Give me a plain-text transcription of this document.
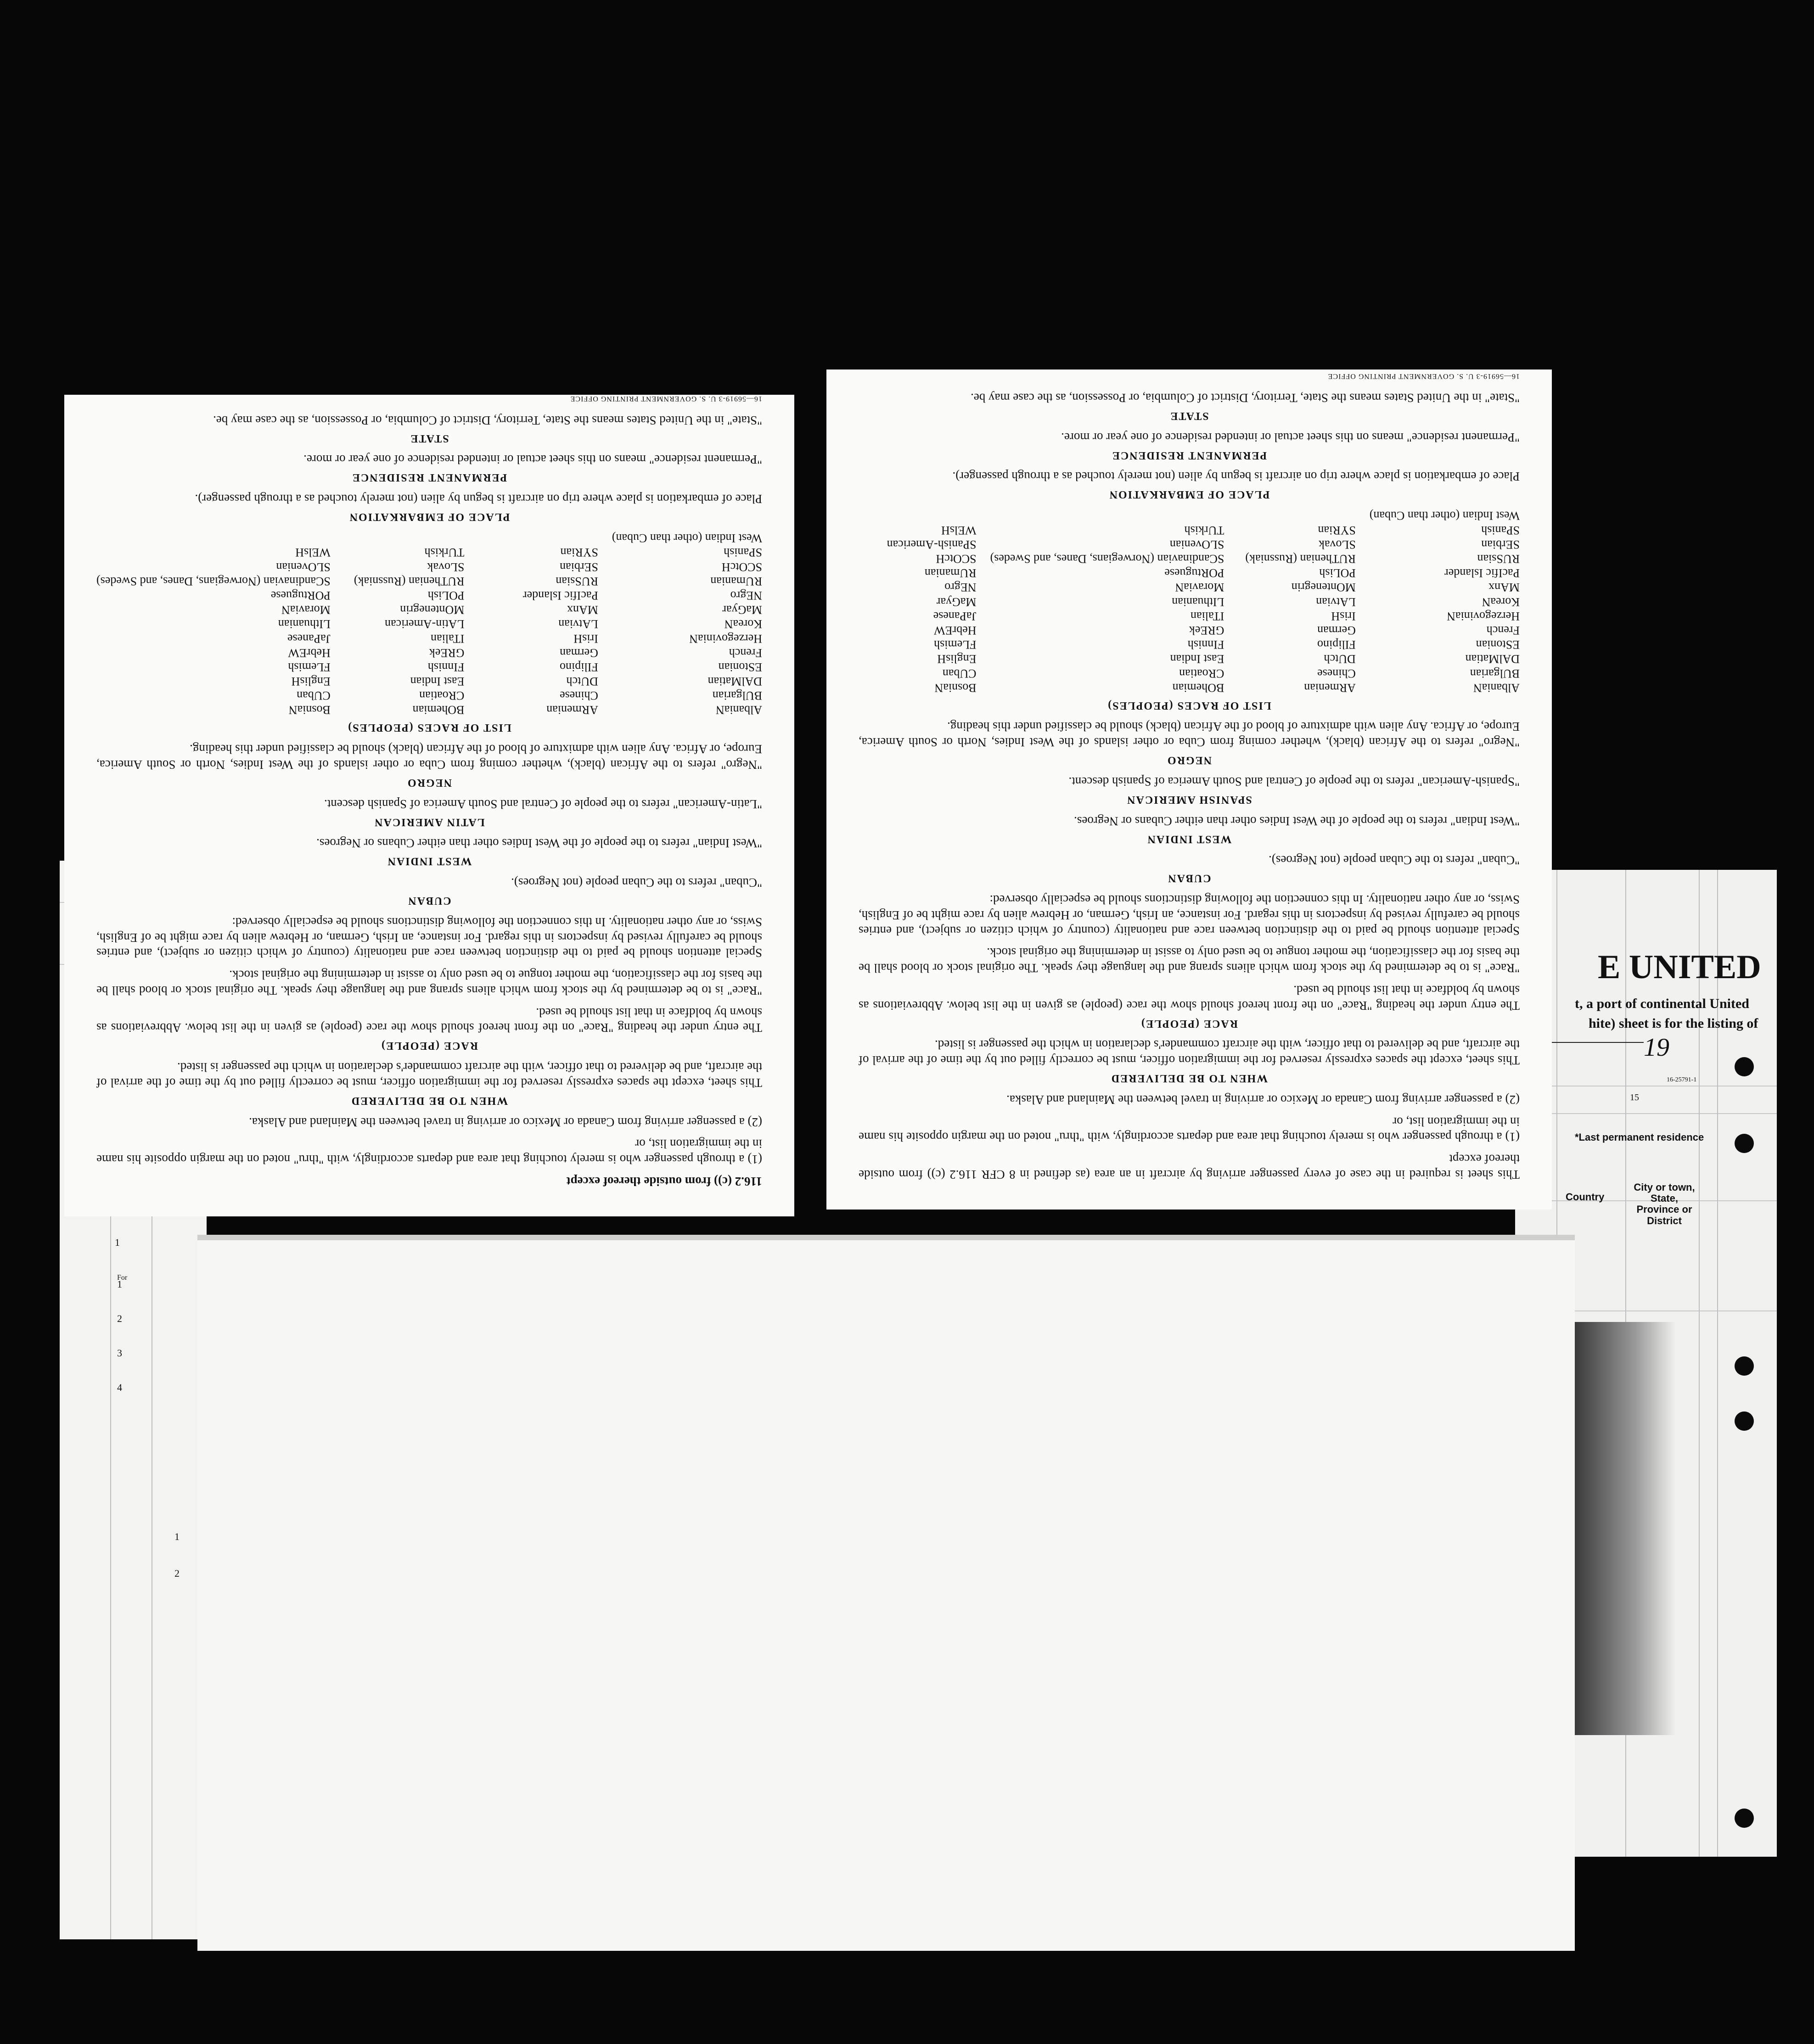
E UNITED
t, a port of continental United
hite) sheet is for the listing of
19
16-25791-1
15
*Last permanent residence
Country
City or town, State, Province or District
For
1
1
2
3
4
1
2

116.2 (c)) from outside thereof except

(1) a through passenger who is merely touching that area and departs accordingly, with "thru" noted on the margin opposite his name in the immigration list, or

(2) a passenger arriving from Canada or Mexico or arriving in travel between the Mainland and Alaska.

WHEN TO BE DELIVERED

This sheet, except the spaces expressly reserved for the immigration officer, must be correctly filled out by the time of the arrival of the aircraft, and be delivered to that officer, with the aircraft commander's declaration in which the passenger is listed.

RACE (PEOPLE)

The entry under the heading "Race" on the front hereof should show the race (people) as given in the list below. Abbreviations as shown by boldface in that list should be used.

"Race" is to be determined by the stock from which aliens sprang and the language they speak. The original stock or blood shall be the basis for the classification, the mother tongue to be used only to assist in determining the original stock.

Special attention should be paid to the distinction between race and nationality (country of which citizen or subject), and entries should be carefully revised by inspectors in this regard. For instance, an Irish, German, or Hebrew alien by race might be of English, Swiss, or any other nationality. In this connection the following distinctions should be especially observed:

CUBAN

"Cuban" refers to the Cuban people (not Negroes).

WEST INDIAN

"West Indian" refers to the people of the West Indies other than either Cubans or Negroes.

LATIN AMERICAN

"Latin-American" refers to the people of Central and South America of Spanish descent.

NEGRO

"Negro" refers to the African (black), whether coming from Cuba or other islands of the West Indies, North or South America, Europe, or Africa. Any alien with admixture of blood of the African (black) should be classified under this heading.

LIST OF RACES (PEOPLES)
AlbaniaN
ARmenian
BOhemian
BosniaN
BUlgarian
Chinese
CRoatian
CUban
DAlMatian
DUtch
East Indian
EnglisH
EStonian
FIlipino
FInnish
FLemish
French
German
GREek
HebrEW
HerzegoviniaN
IrisH
ITalian
JaPanese
KoreaN
LAtvian
LAtin-American
LIthuanian
MaGyar
MAnx
MOntenegrin
MoraviaN
NEgro
PacIfic Islander
POLish
PORtuguese
RUmanian
RUSsian
RUThenian (Russniak)
SCandinavian (Norwegians, Danes, and Swedes)
SCOtcH
SErbian
SLovak
SLOvenian
SPanish
SYRian
TUrkish
WElsH
West Indian (other than Cuban)
PLACE OF EMBARKATION

Place of embarkation is place where trip on aircraft is begun by alien (not merely touched as a through passenger).

PERMANENT RESIDENCE

"Permanent residence" means on this sheet actual or intended residence of one year or more.

STATE

"State" in the United States means the State, Territory, District of Columbia, or Possession, as the case may be.

16—56919-3 U. S. GOVERNMENT PRINTING OFFICE

This sheet is required in the case of every passenger arriving by aircraft in an area (as defined in 8 CFR 116.2 (c)) from outside thereof except

(1) a through passenger who is merely touching that area and departs accordingly, with "thru" noted on the margin opposite his name in the immigration list, or

(2) a passenger arriving from Canada or Mexico or arriving in travel between the Mainland and Alaska.

WHEN TO BE DELIVERED

This sheet, except the spaces expressly reserved for the immigration officer, must be correctly filled out by the time of the arrival of the aircraft, and be delivered to that officer, with the aircraft commander's declaration in which the passenger is listed.

RACE (PEOPLE)

The entry under the heading "Race" on the front hereof should show the race (people) as given in the list below. Abbreviations as shown by boldface in that list should be used.

"Race" is to be determined by the stock from which aliens sprang and the language they speak. The original stock or blood shall be the basis for the classification, the mother tongue to be used only to assist in determining the original stock.

Special attention should be paid to the distinction between race and nationality (country of which citizen or subject), and entries should be carefully revised by inspectors in this regard. For instance, an Irish, German, or Hebrew alien by race might be of English, Swiss, or any other nationality. In this connection the following distinctions should be especially observed:

CUBAN

"Cuban" refers to the Cuban people (not Negroes).

WEST INDIAN

"West Indian" refers to the people of the West Indies other than either Cubans or Negroes.

SPANISH AMERICAN

"Spanish-American" refers to the people of Central and South America of Spanish descent.

NEGRO

"Negro" refers to the African (black), whether coming from Cuba or other islands of the West Indies, North or South America, Europe, or Africa. Any alien with admixture of blood of the African (black) should be classified under this heading.

LIST OF RACES (PEOPLES)
AlbaniaN
ARmenian
BOhemian
BosniaN
BUlgarian
Chinese
CRoatian
CUban
DAlMatian
DUtch
East Indian
EnglisH
EStonian
FIlipino
FInnish
FLemish
French
German
GREek
HebrEW
HerzegoviniaN
IrisH
ITalian
JaPanese
KoreaN
LAtvian
LIthuanian
MaGyar
MAnx
MOntenegrin
MoraviaN
NEgro
PacIfic Islander
POLish
PORtuguese
RUmanian
RUSsian
RUThenian (Russniak)
SCandinavian (Norwegians, Danes, and Swedes)
SCOtcH
SErbian
SLovak
SLOvenian
SPanish-American
SPanish
SYRian
TUrkish
WElsH
West Indian (other than Cuban)
PLACE OF EMBARKATION

Place of embarkation is place where trip on aircraft is begun by alien (not merely touched as a through passenger).

PERMANENT RESIDENCE

"Permanent residence" means on this sheet actual or intended residence of one year or more.

STATE

"State" in the United States means the State, Territory, District of Columbia, or Possession, as the case may be.

16—56919-3 U. S. GOVERNMENT PRINTING OFFICE
